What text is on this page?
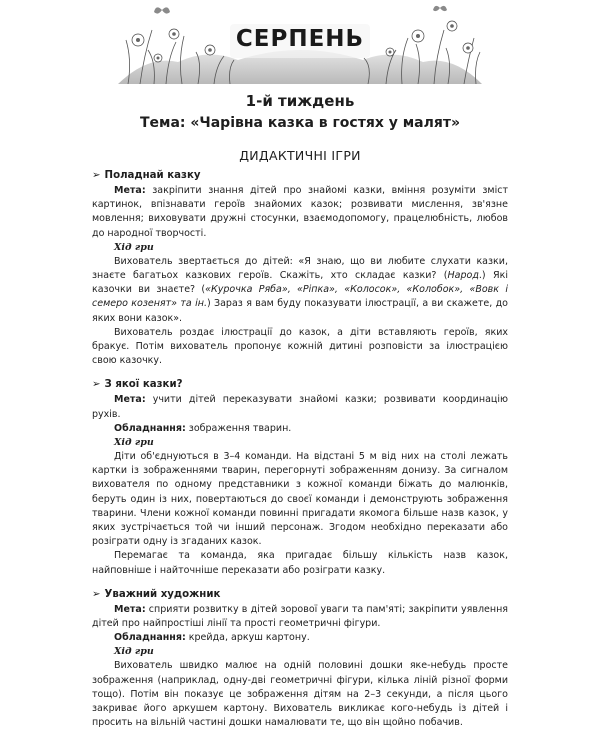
СЕРПЕНЬ
1-й тиждень
Тема: «Чарівна казка в гостях у малят»
ДИДАКТИЧНІ ІГРИ
➢ Поладнай казку

Мета: закріпити знання дітей про знайомі казки, вміння розуміти зміст картинок, впізнавати героїв знайомих казок; розвивати мислення, зв'язне мовлення; виховувати дружні стосунки, взаємодопомогу, працелюбність, любов до народної творчості.

Хід гри

Вихователь звертається до дітей: «Я знаю, що ви любите слухати казки, знаєте багатьох казкових героїв. Скажіть, хто складає казки? (Народ.) Які казочки ви знаєте? («Курочка Ряба», «Ріпка», «Колосок», «Колобок», «Вовк і семеро козенят» та ін.) Зараз я вам буду показувати ілюстрації, а ви скажете, до яких вони казок».

Вихователь роздає ілюстрації до казок, а діти вставляють героїв, яких бракує. Потім вихователь пропонує кожній дитині розповісти за ілюстрацією свою казочку.

➢ З якої казки?

Мета: учити дітей переказувати знайомі казки; розвивати координацію рухів.

Обладнання: зображення тварин.

Хід гри

Діти об'єднуються в 3–4 команди. На відстані 5 м від них на столі лежать картки із зображеннями тварин, перегорнуті зображенням донизу. За сигналом вихователя по одному представники з кожної команди біжать до малюнків, беруть один із них, повертаються до своєї команди і демонструють зображення тварини. Члени кожної команди повинні пригадати якомога більше назв казок, у яких зустрічається той чи інший персонаж. Згодом необхідно переказати або розіграти одну із згаданих казок.

Перемагає та команда, яка пригадає більшу кількість назв казок, найповніше і найточніше переказати або розіграти казку.

➢ Уважний художник

Мета: сприяти розвитку в дітей зорової уваги та пам'яті; закріпити уявлення дітей про найпростіші лінії та прості геометричні фігури.

Обладнання: крейда, аркуш картону.

Хід гри

Вихователь швидко малює на одній половині дошки яке-небудь просте зображення (наприклад, одну-дві геометричні фігури, кілька ліній різної форми тощо). Потім він показує це зображення дітям на 2–3 секунди, а після цього закриває його аркушем картону. Вихователь викликає кого-небудь із дітей і просить на вільній частині дошки намалювати те, що він щойно побачив.
